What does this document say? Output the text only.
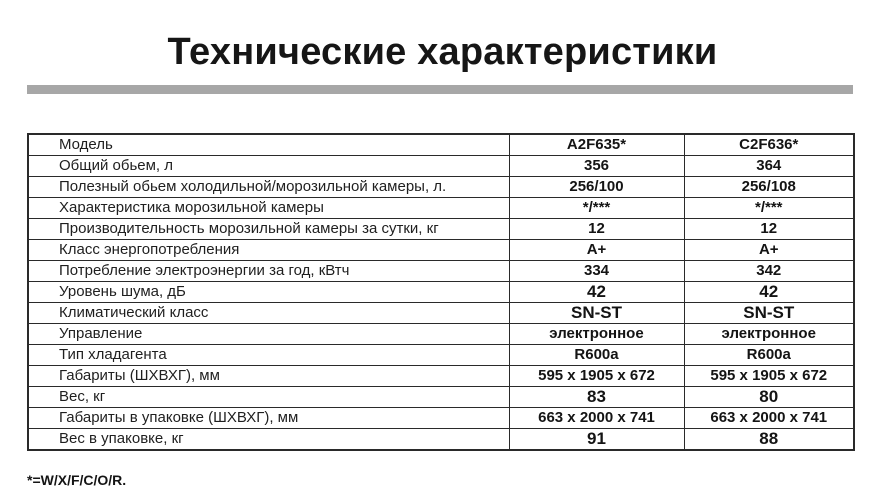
Технические характеристики
Модель	A2F635*	C2F636*
Общий обьем, л	356	364
Полезный обьем холодильной/морозильной камеры, л.	256/100	256/108
Характеристика морозильной камеры	*/***	*/***
Производительность морозильной камеры за сутки, кг	12	12
Класс энергопотребления	A+	A+
Потребление электроэнергии за год, кВтч	334	342
Уровень шума, дБ	42	42
Климатический класс	SN-ST	SN-ST
Управление	электронное	электронное
Тип хладагента	R600a	R600a
Габариты (ШХВХГ), мм	595 x 1905 x 672	595 x 1905 x 672
Вес, кг	83	80
Габариты в упаковке (ШХВХГ), мм	663 x 2000 x 741	663 x 2000 x 741
Вес в упаковке, кг	91	88

*=W/X/F/C/O/R.
